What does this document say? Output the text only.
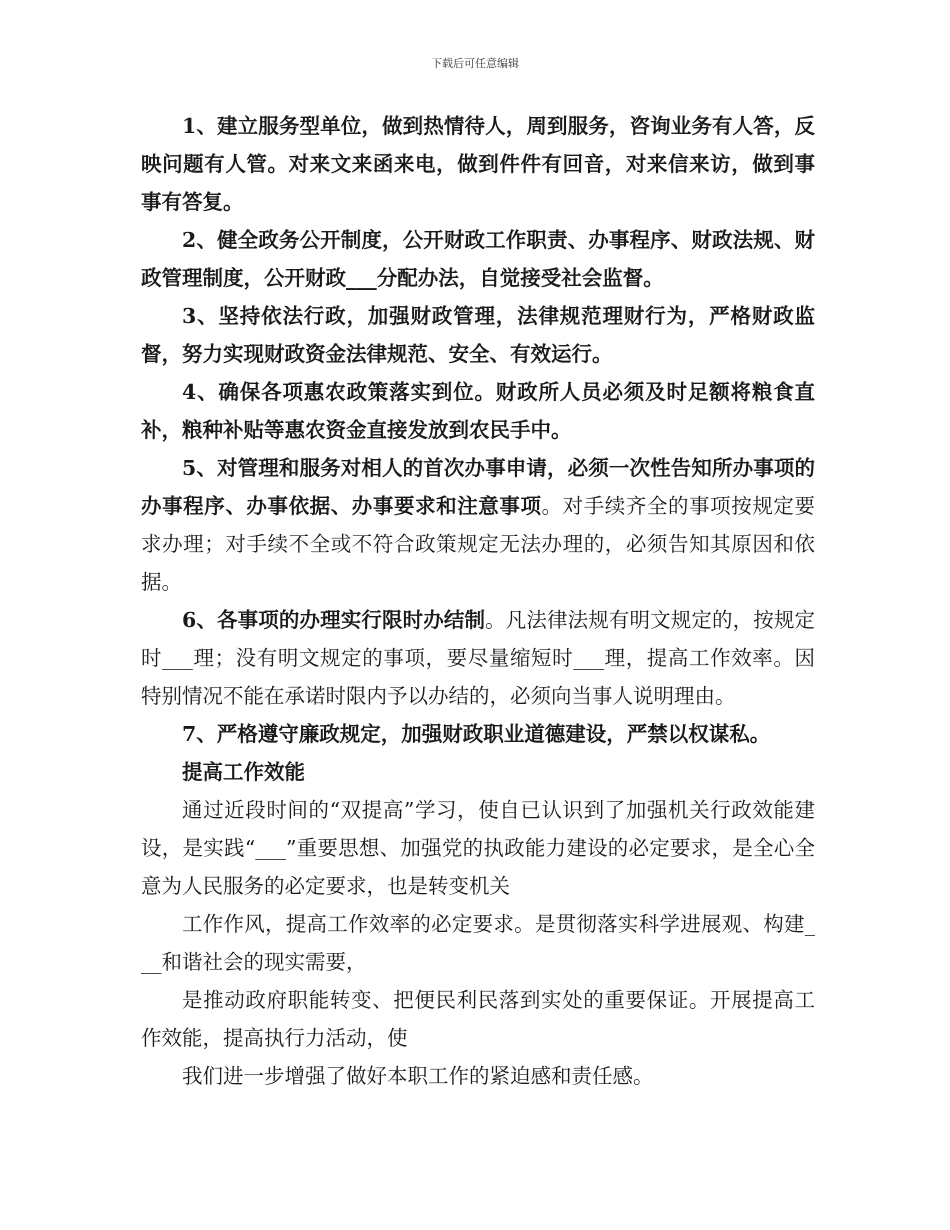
下载后可任意编辑

1、建立服务型单位，做到热情待人，周到服务，咨询业务有人答，反映问题有人管。对来文来函来电，做到件件有回音，对来信来访，做到事事有答复。

2、健全政务公开制度，公开财政工作职责、办事程序、财政法规、财政管理制度，公开财政___分配办法，自觉接受社会监督。

3、坚持依法行政，加强财政管理，法律规范理财行为，严格财政监督，努力实现财政资金法律规范、安全、有效运行。

4、确保各项惠农政策落实到位。财政所人员必须及时足额将粮食直补，粮种补贴等惠农资金直接发放到农民手中。

5、对管理和服务对相人的首次办事申请，必须一次性告知所办事项的办事程序、办事依据、办事要求和注意事项。对手续齐全的事项按规定要求办理；对手续不全或不符合政策规定无法办理的，必须告知其原因和依据。

6、各事项的办理实行限时办结制。凡法律法规有明文规定的，按规定时___理；没有明文规定的事项，要尽量缩短时___理，提高工作效率。因特别情况不能在承诺时限内予以办结的，必须向当事人说明理由。

7、严格遵守廉政规定，加强财政职业道德建设，严禁以权谋私。

提高工作效能

通过近段时间的“双提高”学习，使自已认识到了加强机关行政效能建设，是实践“___”重要思想、加强党的执政能力建设的必定要求，是全心全意为人民服务的必定要求，也是转变机关

工作作风，提高工作效率的必定要求。是贯彻落实科学进展观、构建___和谐社会的现实需要，

是推动政府职能转变、把便民利民落到实处的重要保证。开展提高工作效能，提高执行力活动，使

我们进一步增强了做好本职工作的紧迫感和责任感。
